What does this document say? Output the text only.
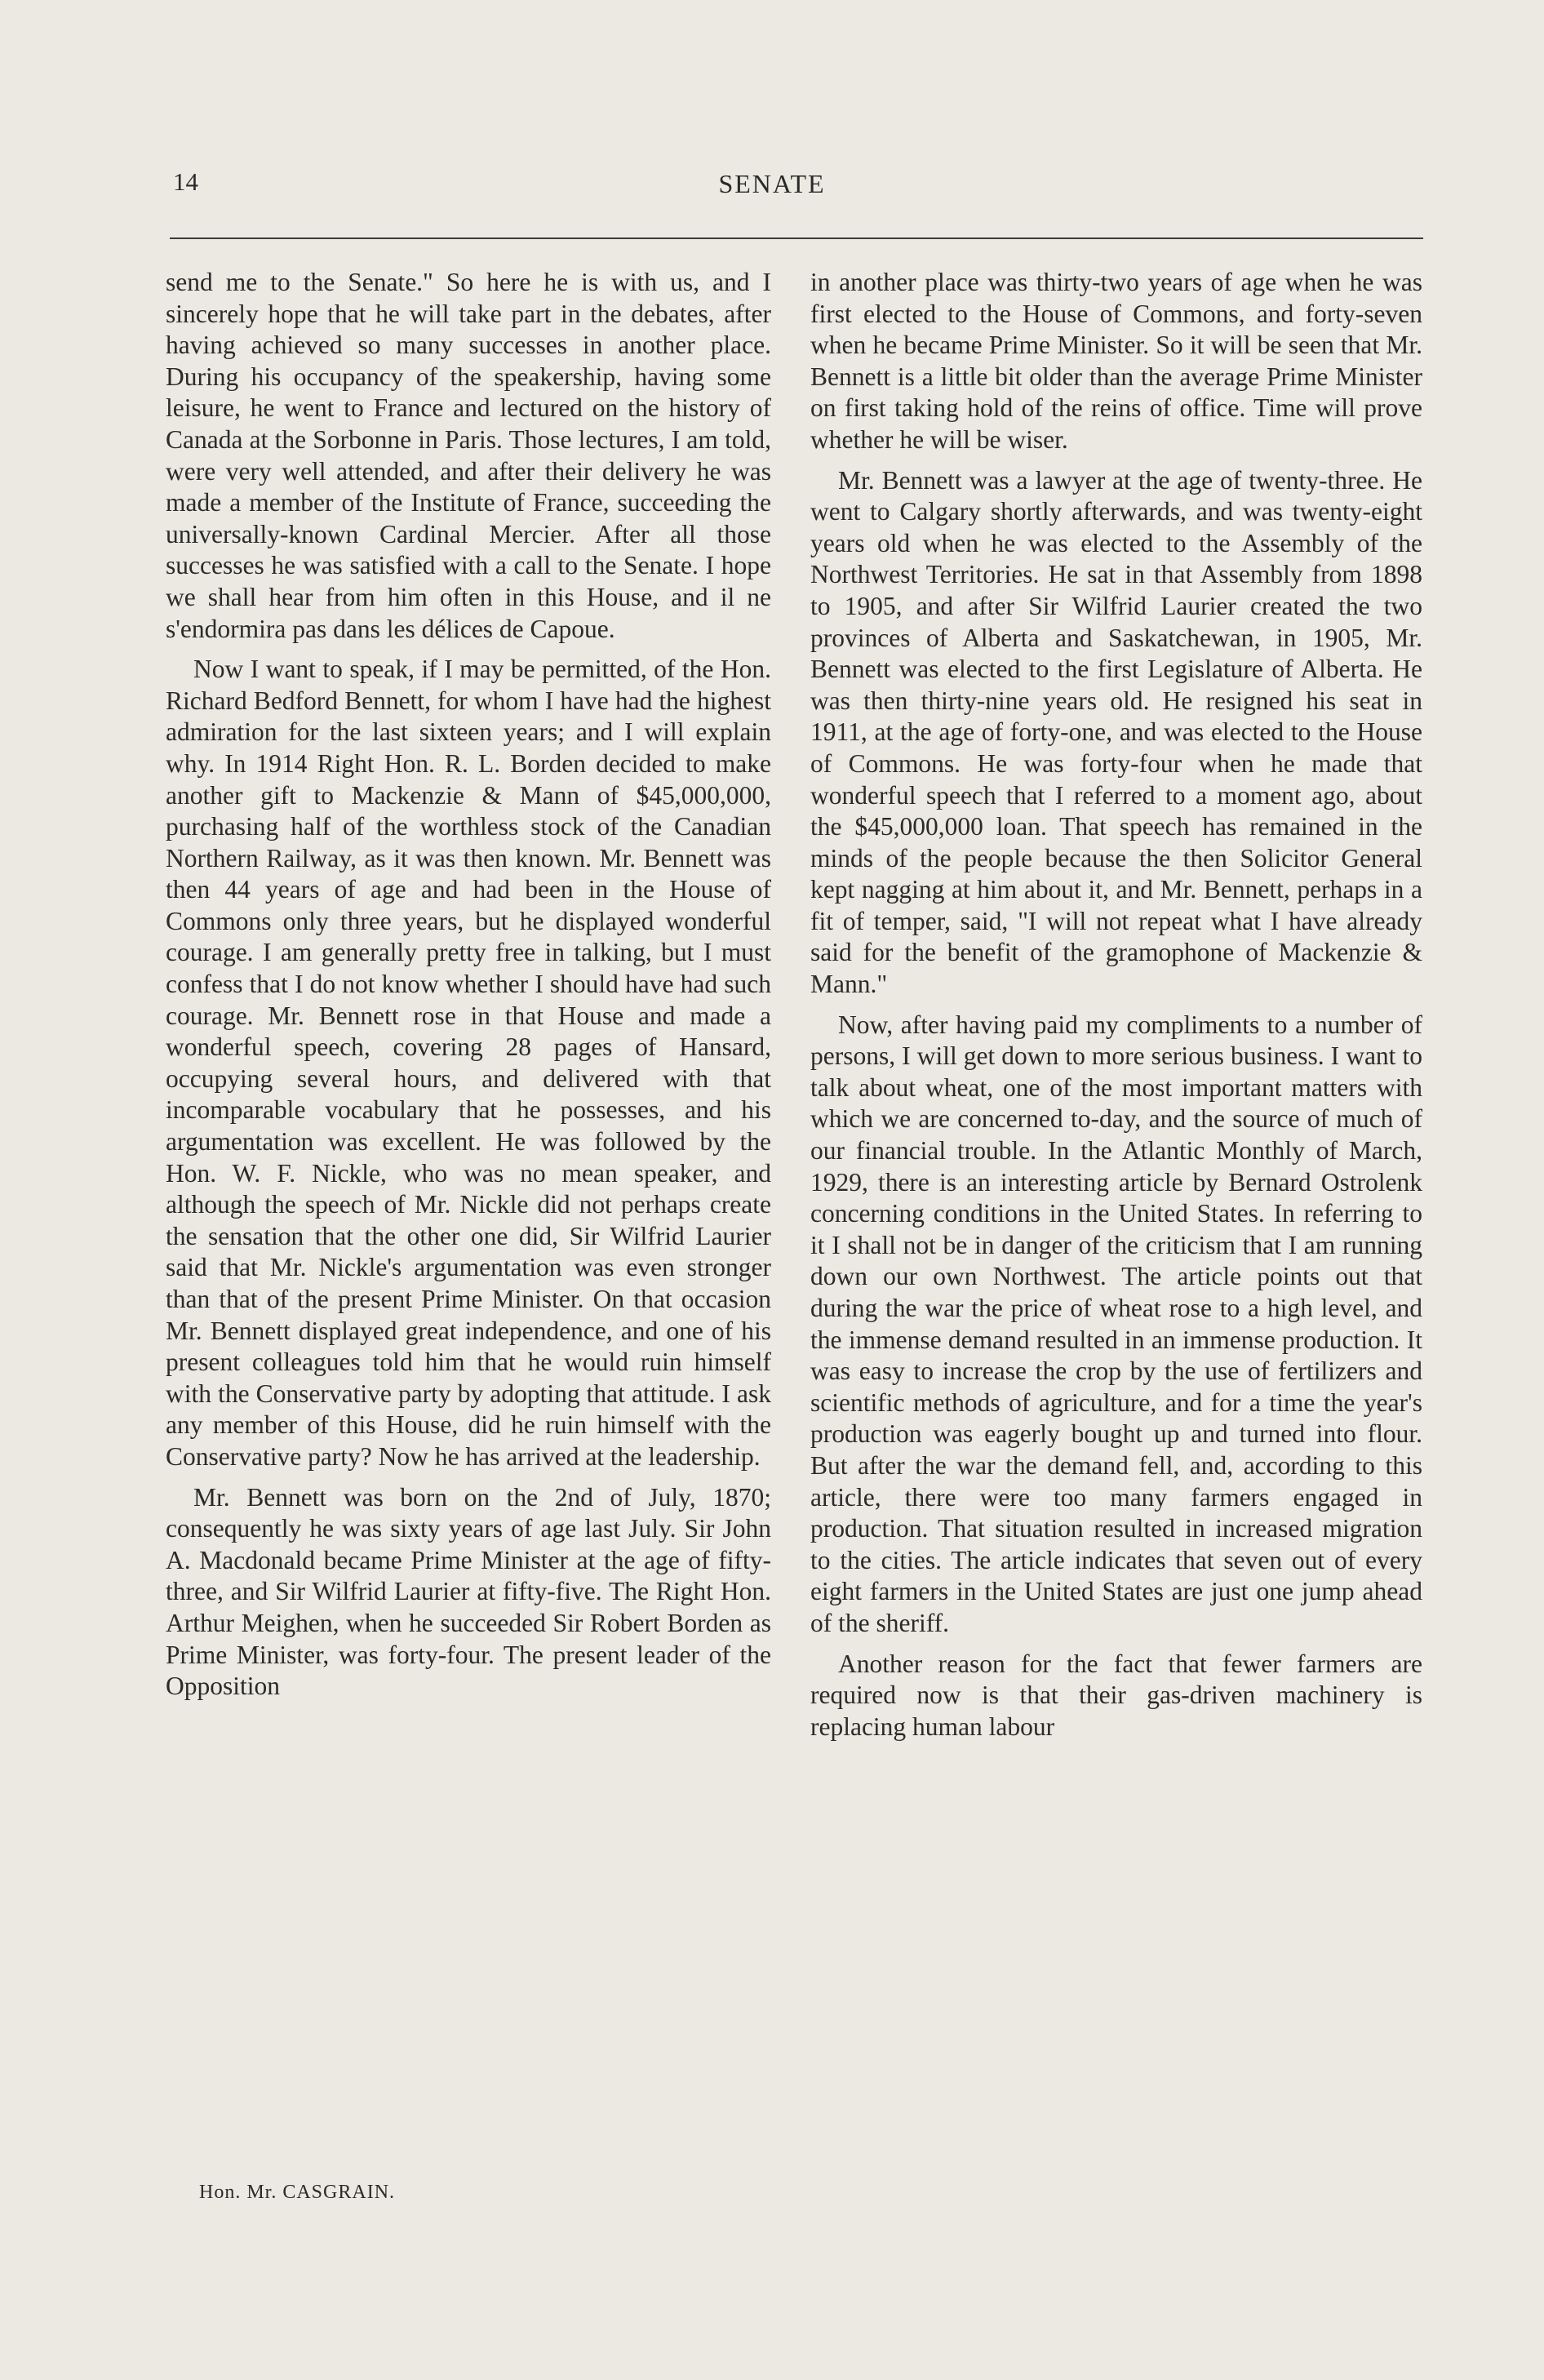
14	SENATE

send me to the Senate." So here he is with us, and I sincerely hope that he will take part in the debates, after having achieved so many successes in another place. During his occupancy of the speakership, having some leisure, he went to France and lectured on the history of Canada at the Sorbonne in Paris. Those lectures, I am told, were very well attended, and after their delivery he was made a member of the Institute of France, succeeding the universally-known Cardinal Mercier. After all those successes he was satisfied with a call to the Senate. I hope we shall hear from him often in this House, and il ne s'endormira pas dans les délices de Capoue.

Now I want to speak, if I may be permitted, of the Hon. Richard Bedford Bennett, for whom I have had the highest admiration for the last sixteen years; and I will explain why. In 1914 Right Hon. R. L. Borden decided to make another gift to Mackenzie & Mann of $45,000,000, purchasing half of the worthless stock of the Canadian Northern Railway, as it was then known. Mr. Bennett was then 44 years of age and had been in the House of Commons only three years, but he displayed wonderful courage. I am generally pretty free in talking, but I must confess that I do not know whether I should have had such courage. Mr. Bennett rose in that House and made a wonderful speech, covering 28 pages of Hansard, occupying several hours, and delivered with that incomparable vocabulary that he possesses, and his argumentation was excellent. He was followed by the Hon. W. F. Nickle, who was no mean speaker, and although the speech of Mr. Nickle did not perhaps create the sensation that the other one did, Sir Wilfrid Laurier said that Mr. Nickle's argumentation was even stronger than that of the present Prime Minister. On that occasion Mr. Bennett displayed great independence, and one of his present colleagues told him that he would ruin himself with the Conservative party by adopting that attitude. I ask any member of this House, did he ruin himself with the Conservative party? Now he has arrived at the leadership.

Mr. Bennett was born on the 2nd of July, 1870; consequently he was sixty years of age last July. Sir John A. Macdonald became Prime Minister at the age of fifty-three, and Sir Wilfrid Laurier at fifty-five. The Right Hon. Arthur Meighen, when he succeeded Sir Robert Borden as Prime Minister, was forty-four. The present leader of the Opposition

Hon. Mr. CASGRAIN.

in another place was thirty-two years of age when he was first elected to the House of Commons, and forty-seven when he became Prime Minister. So it will be seen that Mr. Bennett is a little bit older than the average Prime Minister on first taking hold of the reins of office. Time will prove whether he will be wiser.

Mr. Bennett was a lawyer at the age of twenty-three. He went to Calgary shortly afterwards, and was twenty-eight years old when he was elected to the Assembly of the Northwest Territories. He sat in that Assembly from 1898 to 1905, and after Sir Wilfrid Laurier created the two provinces of Alberta and Saskatchewan, in 1905, Mr. Bennett was elected to the first Legislature of Alberta. He was then thirty-nine years old. He resigned his seat in 1911, at the age of forty-one, and was elected to the House of Commons. He was forty-four when he made that wonderful speech that I referred to a moment ago, about the $45,000,000 loan. That speech has remained in the minds of the people because the then Solicitor General kept nagging at him about it, and Mr. Bennett, perhaps in a fit of temper, said, "I will not repeat what I have already said for the benefit of the gramophone of Mackenzie & Mann."

Now, after having paid my compliments to a number of persons, I will get down to more serious business. I want to talk about wheat, one of the most important matters with which we are concerned to-day, and the source of much of our financial trouble. In the Atlantic Monthly of March, 1929, there is an interesting article by Bernard Ostrolenk concerning conditions in the United States. In referring to it I shall not be in danger of the criticism that I am running down our own Northwest. The article points out that during the war the price of wheat rose to a high level, and the immense demand resulted in an immense production. It was easy to increase the crop by the use of fertilizers and scientific methods of agriculture, and for a time the year's production was eagerly bought up and turned into flour. But after the war the demand fell, and, according to this article, there were too many farmers engaged in production. That situation resulted in increased migration to the cities. The article indicates that seven out of every eight farmers in the United States are just one jump ahead of the sheriff.

Another reason for the fact that fewer farmers are required now is that their gas-driven machinery is replacing human labour
